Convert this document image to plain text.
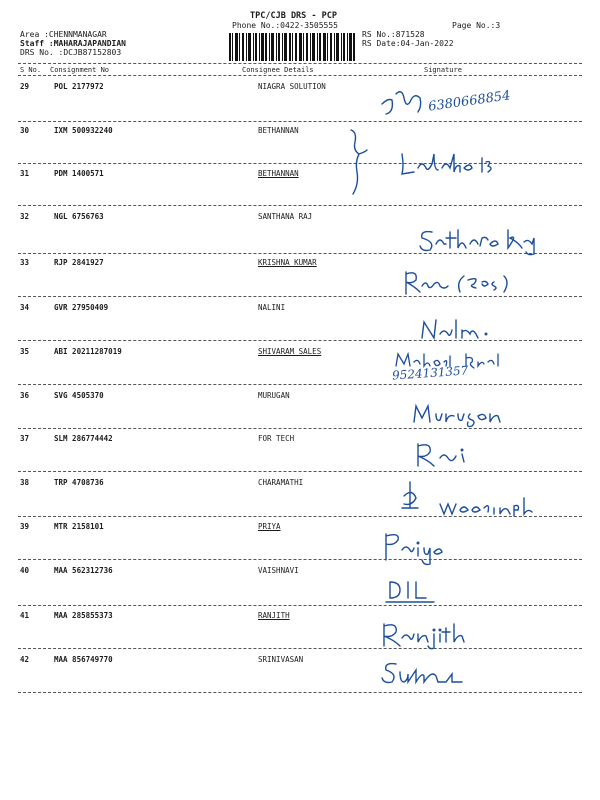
TPC/CJB DRS - PCP
Phone No.:0422-3505555	Page No.:3
Area :CHENNMANAGAR
Staff :MAHARAJAPANDIAN
DRS No. :DCJB87152803
RS No.:871528
RS Date:04-Jan-2022
S No. Consignment No	Consignee Details	Signature
29	POL 2177972	NIAGRA SOLUTION
30	IXM 500932240	BETHANNAN
31	PDM 1400571	BETHANNAN
32	NGL 6756763	SANTHANA RAJ
33	RJP 2841927	KRISHNA KUMAR
34	GVR 27950409	NALINI
35	ABI 20211287019	SHIVARAM SALES
36	SVG 4505370	MURUGAN
37	SLM 286774442	FOR TECH
38	TRP 4708736	CHARAMATHI
39	MTR 2158101	PRIYA
40	MAA 562312736	VAISHNAVI
41	MAA 285855373	RANJITH
42	MAA 856749770	SRINIVASAN
6380668854
9524131357
